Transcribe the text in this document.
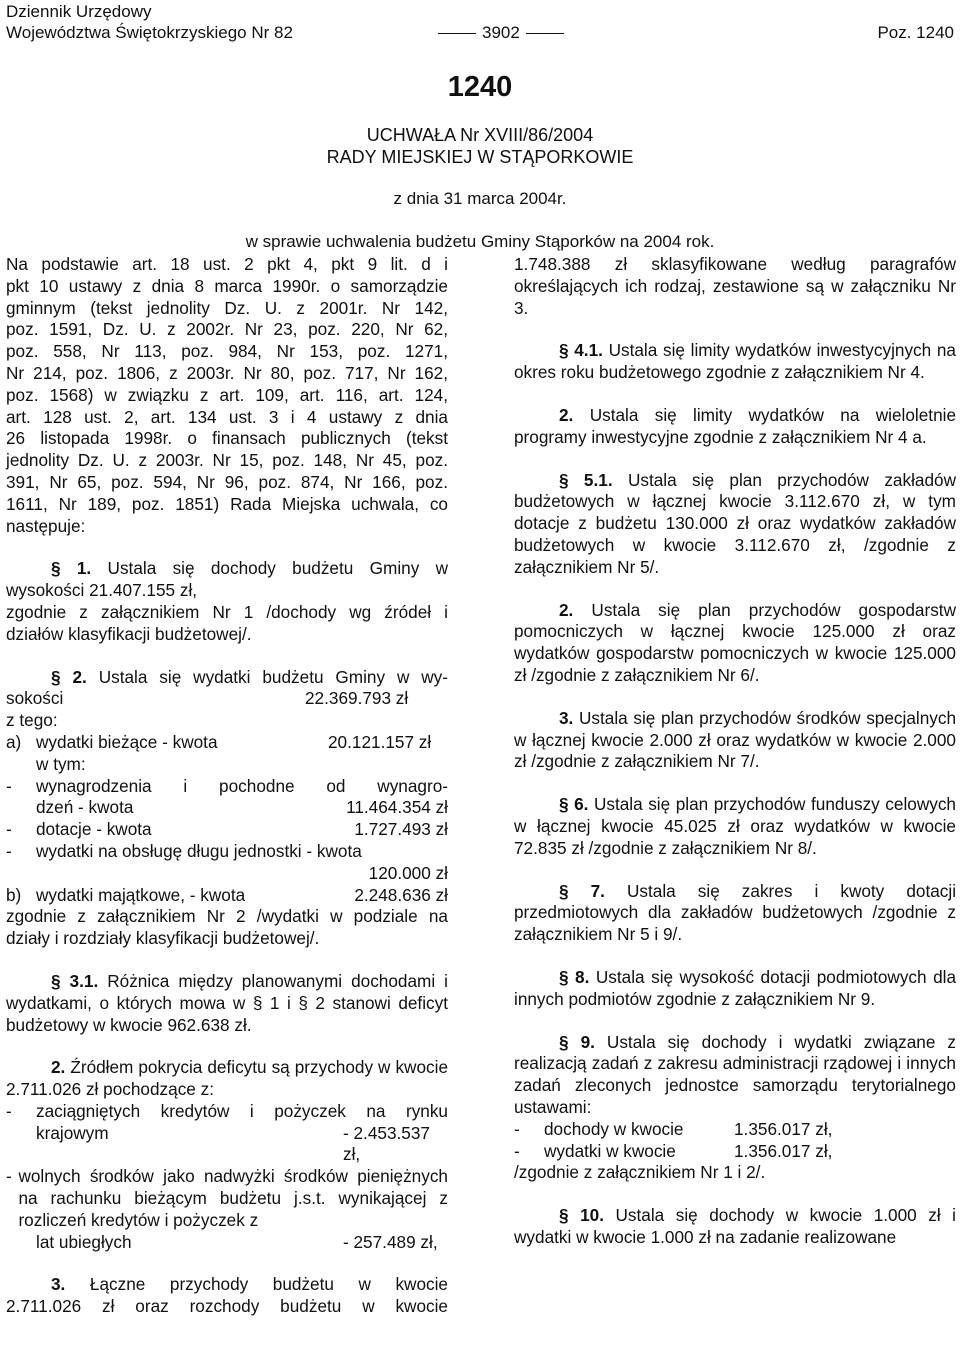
Dziennik Urzędowy
Województwa Świętokrzyskiego Nr 82	3902	Poz. 1240
1240
UCHWAŁA Nr XVIII/86/2004
RADY MIEJSKIEJ W STĄPORKOWIE
z dnia 31 marca 2004r.
w sprawie uchwalenia budżetu Gminy Stąporków na 2004 rok.

Na podstawie art. 18 ust. 2 pkt 4, pkt 9 lit. d i

pkt 10 ustawy z dnia 8 marca 1990r. o samorządzie

gminnym (tekst jednolity Dz. U. z 2001r. Nr 142,

poz. 1591, Dz. U. z 2002r. Nr 23, poz. 220, Nr 62,

poz. 558, Nr 113, poz. 984, Nr 153, poz. 1271,

Nr 214, poz. 1806, z 2003r. Nr 80, poz. 717, Nr 162,

poz. 1568) w związku z art. 109, art. 116, art. 124,

art. 128 ust. 2, art. 134 ust. 3 i 4 ustawy z dnia

26 listopada 1998r. o finansach publicznych (tekst

jednolity Dz. U. z 2003r. Nr 15, poz. 148, Nr 45, poz.

391, Nr 65, poz. 594, Nr 96, poz. 874, Nr 166, poz.

1611, Nr 189, poz. 1851) Rada Miejska uchwala, co

następuje:

§ 1. Ustala się dochody budżetu Gminy w

wysokości 21.407.155 zł,

zgodnie z załącznikiem Nr 1 /dochody wg źródeł i

działów klasyfikacji budżetowej/.

§ 2. Ustala się wydatki budżetu Gminy w wy-

sokości	22.369.793 zł

z tego:

a) wydatki bieżące - kwota	20.121.157 zł

w tym:

-	wynagrodzenia i pochodne od wynagro-
dzeń - kwota	11.464.354 zł
-	dotacje - kwota	1.727.493 zł
-	wydatki na obsługę długu jednostki - kwota
120.000 zł
b) wydatki majątkowe, - kwota	2.248.636 zł

zgodnie z załącznikiem Nr 2 /wydatki w podziale na

działy i rozdziały klasyfikacji budżetowej/.

§ 3.1. Różnica między planowanymi dochodami i wydatkami, o których mowa w § 1 i § 2 stanowi deficyt budżetowy w kwocie 962.638 zł.

2. Źródłem pokrycia deficytu są przychody w kwocie 2.711.026 zł pochodzące z:

-	zaciągniętych kredytów i pożyczek na rynku
krajowym	- 2.453.537 zł,
- wolnych środków jako nadwyżki środków pieniężnych na rachunku bieżącym budżetu j.s.t. wynikającej z rozliczeń kredytów i pożyczek z
lat ubiegłych	- 257.489 zł,

3. Łączne przychody budżetu w kwocie

2.711.026 zł oraz rozchody budżetu w kwocie

1.748.388 zł sklasyfikowane według paragrafów określających ich rodzaj, zestawione są w załączniku Nr 3.

§ 4.1. Ustala się limity wydatków inwestycyjnych na okres roku budżetowego zgodnie z załącznikiem Nr 4.

2. Ustala się limity wydatków na wieloletnie programy inwestycyjne zgodnie z załącznikiem Nr 4 a.

§ 5.1. Ustala się plan przychodów zakładów budżetowych w łącznej kwocie 3.112.670 zł, w tym dotacje z budżetu 130.000 zł oraz wydatków zakładów budżetowych w kwocie 3.112.670 zł, /zgodnie z załącznikiem Nr 5/.

2. Ustala się plan przychodów gospodarstw pomocniczych w łącznej kwocie 125.000 zł oraz wydatków gospodarstw pomocniczych w kwocie 125.000 zł /zgodnie z załącznikiem Nr 6/.

3. Ustala się plan przychodów środków specjalnych w łącznej kwocie 2.000 zł oraz wydatków w kwocie 2.000 zł /zgodnie z załącznikiem Nr 7/.

§ 6. Ustala się plan przychodów funduszy celowych w łącznej kwocie 45.025 zł oraz wydatków w kwocie 72.835 zł /zgodnie z załącznikiem Nr 8/.

§ 7. Ustala się zakres i kwoty dotacji przedmiotowych dla zakładów budżetowych /zgodnie z załącznikiem Nr 5 i 9/.

§ 8. Ustala się wysokość dotacji podmiotowych dla innych podmiotów zgodnie z załącznikiem Nr 9.

§ 9. Ustala się dochody i wydatki związane z realizacją zadań z zakresu administracji rządowej i innych zadań zleconych jednostce samorządu terytorialnego ustawami:

-	dochody w kwocie	1.356.017 zł,
-	wydatki w kwocie	1.356.017 zł,

/zgodnie z załącznikiem Nr 1 i 2/.

§ 10. Ustala się dochody w kwocie 1.000 zł i wydatki w kwocie 1.000 zł na zadanie realizowane
